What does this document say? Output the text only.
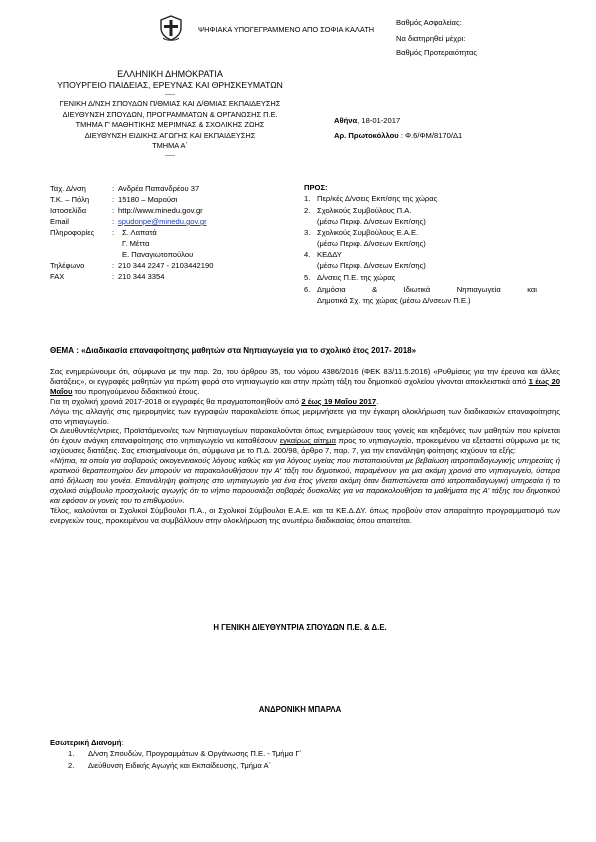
ΨΗΦΙΑΚΑ ΥΠΟΓΕΓΡΑΜΜΕΝΟ ΑΠΟ ΣΟΦΙΑ ΚΑΛΑΤΗ
Βαθμός Ασφαλείας:
Να διατηρηθεί μέχρι:
Βαθμός Προτεραιότητας
ΕΛΛΗΝΙΚΗ ΔΗΜΟΚΡΑΤΙΑ
ΥΠΟΥΡΓΕΙΟ ΠΑΙΔΕΙΑΣ, ΕΡΕΥΝΑΣ ΚΑΙ ΘΡΗΣΚΕΥΜΑΤΩΝ
-----
ΓΕΝΙΚΗ Δ/ΝΣΗ ΣΠΟΥΔΩΝ Π/ΘΜΙΑΣ ΚΑΙ Δ/ΘΜΙΑΣ ΕΚΠΑΙΔΕΥΣΗΣ
ΔΙΕΥΘΥΝΣΗ ΣΠΟΥΔΩΝ, ΠΡΟΓΡΑΜΜΑΤΩΝ & ΟΡΓΑΝΩΣΗΣ Π.Ε.
ΤΜΗΜΑ Γ' ΜΑΘΗΤΙΚΗΣ ΜΕΡΙΜΝΑΣ & ΣΧΟΛΙΚΗΣ ΖΩΗΣ
ΔΙΕΥΘΥΝΣΗ ΕΙΔΙΚΗΣ ΑΓΩΓΗΣ ΚΑΙ ΕΚΠΑΙΔΕΥΣΗΣ
ΤΜΗΜΑ Α΄
-----
Αθήνα, 18-01-2017
Αρ. Πρωτοκόλλου : Φ.6/ΦΜ/8170/Δ1
Ταχ. Δ/νση	: Ανδρέα Παπανδρέου 37
Τ.Κ. – Πόλη	: 15180 – Μαρούσι
Ιστοσελίδα	: http://www.minedu.gov.gr
Email	: spudonpe@minedu.gov.gr
Πληροφορίες	:	Σ. Λαπατά
Γ. Μέττα
Ε. Παναγιωτοπούλου
Τηλέφωνο	: 210 344 2247 - 2103442190
FAX	: 210 344 3354
ΠΡΟΣ:
1. Περ/κές Δ/νσεις Εκπ/σης της χώρας
2. Σχολικούς Συμβούλους Π.Α.
(μέσω Περιφ. Δ/νσεων Εκπ/σης)
3. Σχολικούς Συμβούλους Ε.Α.Ε.
(μέσω Περιφ. Δ/νσεων Εκπ/σης)
4. ΚΕΔΔΥ
(μέσω Περιφ. Δ/νσεων Εκπ/σης)
5. Δ/νσεις Π.Ε. της χώρας
6. Δημόσια & Ιδιωτικά Νηπιαγωγεία και
Δημοτικά Σχ. της χώρας (μέσω Δ/νσεων Π.Ε.)
ΘΕΜΑ : «Διαδικασία επαναφοίτησης μαθητών στα Νηπιαγωγεία για το σχολικό έτος 2017- 2018»

Σας ενημερώνουμε ότι, σύμφωνα με την παρ. 2α, του άρθρου 35, του νόμου 4386/2016 (ΦΕΚ 83/11.5.2016) «Ρυθμίσεις για την έρευνα και άλλες διατάξεις», οι εγγραφές μαθητών για πρώτη φορά στο νηπιαγωγείο και στην πρώτη τάξη του δημοτικού σχολείου γίνονται αποκλειστικά από 1 έως 20 Μαΐου του προηγούμενου διδακτικού έτους.

Για τη σχολική χρονιά 2017-2018 οι εγγραφές θα πραγματοποιηθούν από 2 έως 19 Μαΐου 2017.

Λόγω της αλλαγής στις ημερομηνίες των εγγραφών παρακαλείστε όπως μεριμνήσετε για την έγκαιρη ολοκλήρωση των διαδικασιών επαναφοίτησης στο νηπιαγωγείο.

Οι Διευθυντές/ντριες, Προϊστάμενοι/ες των Νηπιαγωγείων παρακαλούνται όπως ενημερώσουν τους γονείς και κηδεμόνες των μαθητών που κρίνεται ότι έχουν ανάγκη επαναφοίτησης στο νηπιαγωγείο να καταθέσουν εγκαίρως αίτημα προς το νηπιαγωγείο, προκειμένου να εξεταστεί σύμφωνα με τις ισχύουσες διατάξεις. Σας επισημαίνουμε ότι, σύμφωνα με το Π.Δ. 200/98, άρθρο 7, παρ. 7, για την επανάληψη φοίτησης ισχύουν τα εξής:

«Νήπια, τα οποία για σοβαρούς οικογενειακούς λόγους καθώς και για λόγους υγείας που πιστοποιούνται με βεβαίωση ιατροπαιδαγωγικής υπηρεσίας ή κρατικού θεραπευτηρίου δεν μπορούν να παρακολουθήσουν την Α' τάξη του δημοτικού, παραμένουν για μια ακόμη χρονιά στο νηπιαγωγείο, ύστερα από δήλωση του γονέα. Επανάληψη φοίτησης στο νηπιαγωγείο για ένα έτος γίνεται ακόμη όταν διαπιστώνεται από ιατροπαιδαγωγική υπηρεσία ή το σχολικό σύμβουλο προσχολικής αγωγής ότι το νήπιο παρουσιάζει σοβαρές δυσκολίες για να παρακολουθήσει τα μαθήματα της Α' τάξης του δημοτικού και εφόσον οι γονείς του το επιθυμούν».

Τέλος, καλούνται οι Σχολικοί Σύμβουλοι Π.Α., οι Σχολικοί Σύμβουλοι Ε.Α.Ε. και τα ΚΕ.Δ.ΔΥ. όπως προβούν στον απαραίτητο προγραμματισμό των ενεργειών τους, προκειμένου να συμβάλλουν στην ολοκλήρωση της ανωτέρω διαδικασίας όπου απαιτείται.

Η ΓΕΝΙΚΗ ΔΙΕΥΘΥΝΤΡΙΑ ΣΠΟΥΔΩΝ Π.Ε. & Δ.Ε.
ΑΝΔΡΟΝΙΚΗ ΜΠΑΡΛΑ
Εσωτερική Διανομή:
1.	Δ/νση Σπουδών, Προγραμμάτων & Οργάνωσης Π.Ε. - Τμήμα Γ΄
2.	Διεύθυνση Ειδικής Αγωγής και Εκπαίδευσης, Τμήμα Α΄
